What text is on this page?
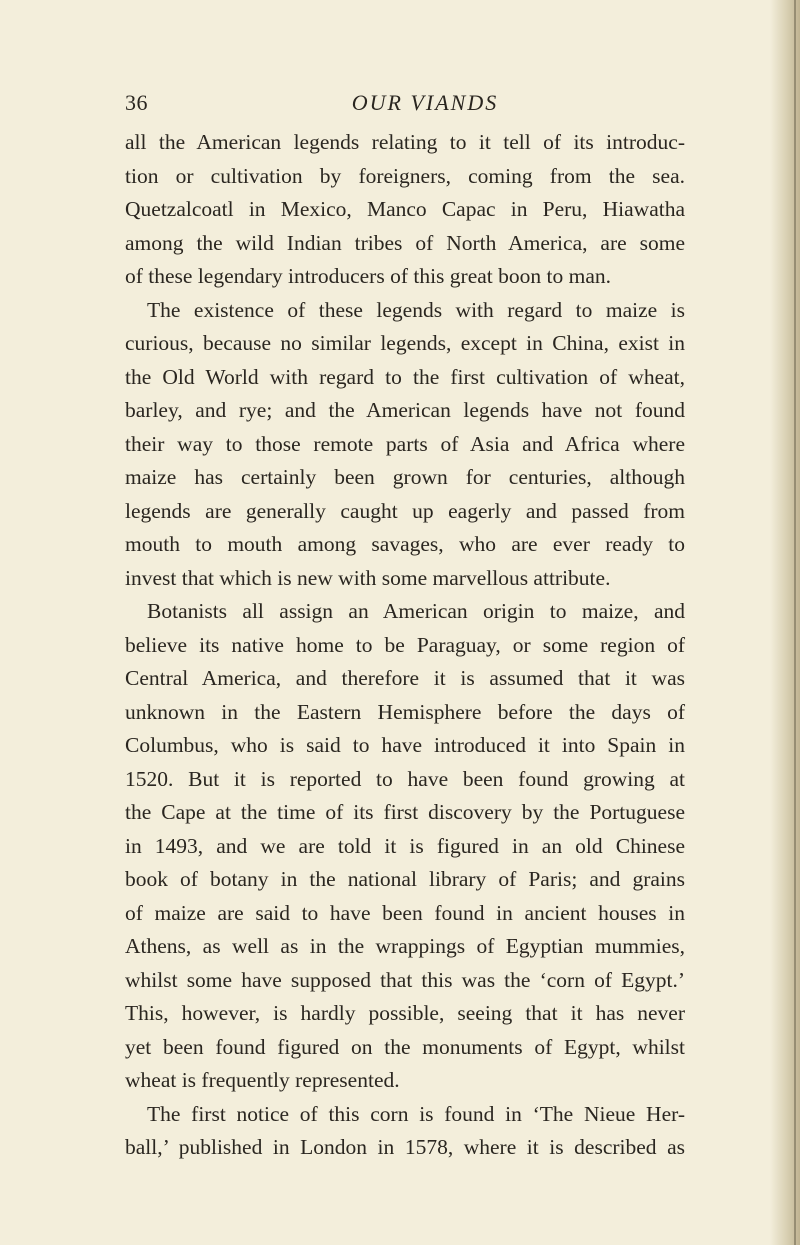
36	OUR VIANDS
all the American legends relating to it tell of its introduc-
tion or cultivation by foreigners, coming from the sea.
Quetzalcoatl in Mexico, Manco Capac in Peru, Hiawatha
among the wild Indian tribes of North America, are some
of these legendary introducers of this great boon to man.
The existence of these legends with regard to maize is
curious, because no similar legends, except in China, exist in
the Old World with regard to the first cultivation of wheat,
barley, and rye; and the American legends have not found
their way to those remote parts of Asia and Africa where
maize has certainly been grown for centuries, although
legends are generally caught up eagerly and passed from
mouth to mouth among savages, who are ever ready to
invest that which is new with some marvellous attribute.
Botanists all assign an American origin to maize, and
believe its native home to be Paraguay, or some region of
Central America, and therefore it is assumed that it was
unknown in the Eastern Hemisphere before the days of
Columbus, who is said to have introduced it into Spain in
1520. But it is reported to have been found growing at
the Cape at the time of its first discovery by the Portuguese
in 1493, and we are told it is figured in an old Chinese
book of botany in the national library of Paris; and grains
of maize are said to have been found in ancient houses in
Athens, as well as in the wrappings of Egyptian mummies,
whilst some have supposed that this was the ‘corn of Egypt.’
This, however, is hardly possible, seeing that it has never
yet been found figured on the monuments of Egypt, whilst
wheat is frequently represented.
The first notice of this corn is found in ‘The Nieue Her-
ball,’ published in London in 1578, where it is described as
